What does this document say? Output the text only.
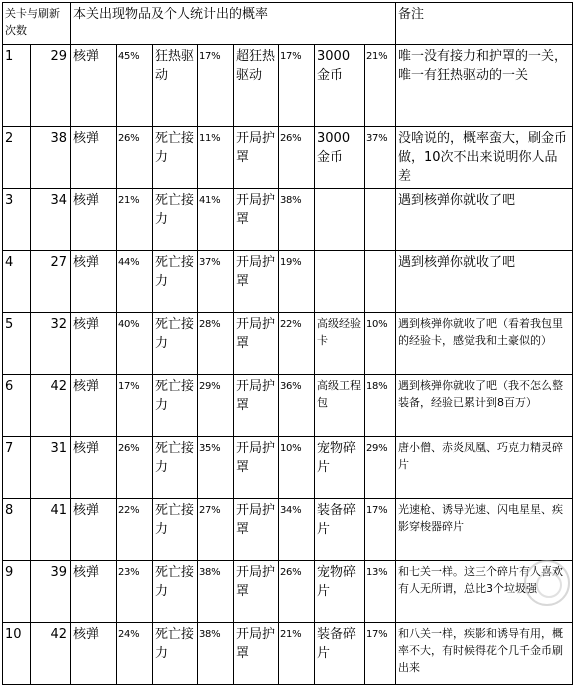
关卡与刷新次数		本关出现物品及个人统计出的概率								备注
1	29	核弹	45%	狂热驱动	17%	超狂热驱动	17%	3000金币	21%	唯一没有接力和护罩的一关，唯一有狂热驱动的一关
2	38	核弹	26%	死亡接力	11%	开局护罩	26%	3000金币	37%	没啥说的，概率蛮大，刷金币做，10次不出来说明你人品差
3	34	核弹	21%	死亡接力	41%	开局护罩	38%			遇到核弹你就收了吧
4	27	核弹	44%	死亡接力	37%	开局护罩	19%			遇到核弹你就收了吧
5	32	核弹	40%	死亡接力	28%	开局护罩	22%	高级经验卡	10%	遇到核弹你就收了吧（看着我包里的经验卡，感觉我和土豪似的）
6	42	核弹	17%	死亡接力	29%	开局护罩	36%	高级工程包	18%	遇到核弹你就收了吧（我不怎么整装备，经验已累计到8百万）
7	31	核弹	26%	死亡接力	35%	开局护罩	10%	宠物碎片	29%	唐小僧、赤炎凤凰、巧克力精灵碎片
8	41	核弹	22%	死亡接力	27%	开局护罩	34%	装备碎片	17%	光速枪、诱导光速、闪电星星、疾影穿梭器碎片
9	39	核弹	23%	死亡接力	38%	开局护罩	26%	宠物碎片	13%	和七关一样。这三个碎片有人喜欢有人无所谓，总比3个垃圾强
10	42	核弹	24%	死亡接力	38%	开局护罩	21%	装备碎片	17%	和八关一样，疾影和诱导有用，概率不大，有时候得花个几千金币刷出来
